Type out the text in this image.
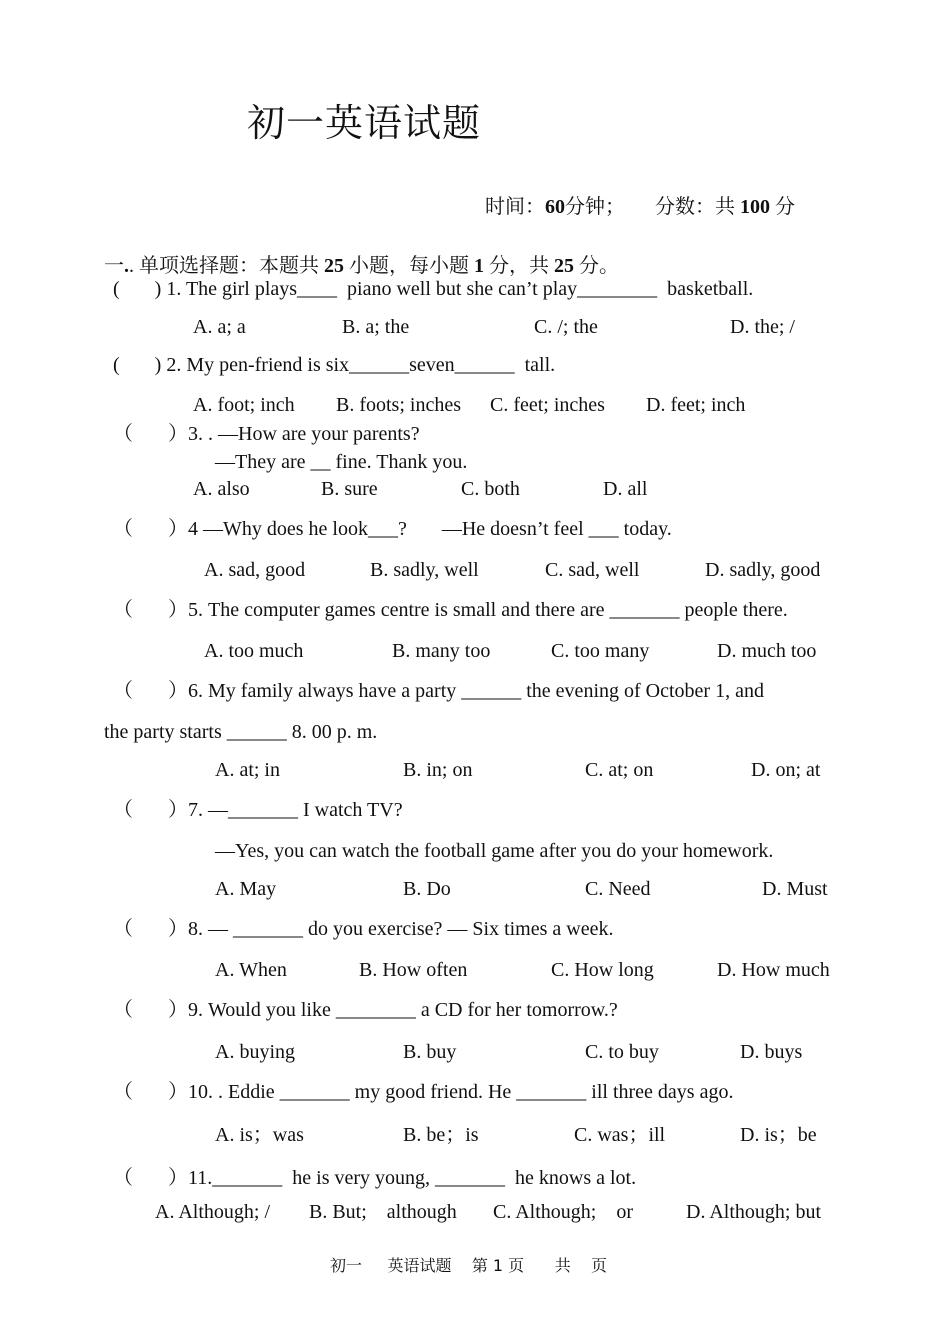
初一英语试题
时间：60分钟； 分数：共 100 分
一.. 单项选择题：本题共 25 小题，每小题 1 分，共 25 分。
(       ) 1. The girl plays____  piano well but she can’t play________  basketball.
A. a; a	B. a; the	C. /; the	D. the; /
(       ) 2. My pen-friend is six______seven______  tall.
A. foot; inch B. foots; inches C. feet; inches D. feet; inch
（       ）3. . —How are your parents?
—They are __ fine. Thank you.
A. also	B. sure	C. both	D. all
（       ）4 —Why does he look___?       —He doesn’t feel ___ today.
A. sad, good	B. sadly, well	C. sad, well	D. sadly, good
（       ）5. The computer games centre is small and there are _______ people there.
A. too much	B. many too	C. too many	D. much too
（       ）6. My family always have a party ______ the evening of October 1, and
the party starts ______ 8. 00 p. m.
A. at; in	B. in; on	C. at; on	D. on; at
（       ）7. —_______ I watch TV?
—Yes, you can watch the football game after you do your homework.
A. May	B. Do	C. Need	D. Must
（       ）8. — _______ do you exercise? — Six times a week.
A. When	B. How often	C. How long	D. How much
（       ）9. Would you like ________ a CD for her tomorrow.?
A. buying	B. buy	C. to buy	D. buys
（       ）10. . Eddie _______ my good friend. He _______ ill three days ago.
A. is；was	B. be；is	C. was；ill	D. is；be
（       ）11._______  he is very young, _______  he knows a lot.
A. Although; / B. But;    although C. Although;    or	D. Although; but
初一 英语试题 第 1 页 共    页
